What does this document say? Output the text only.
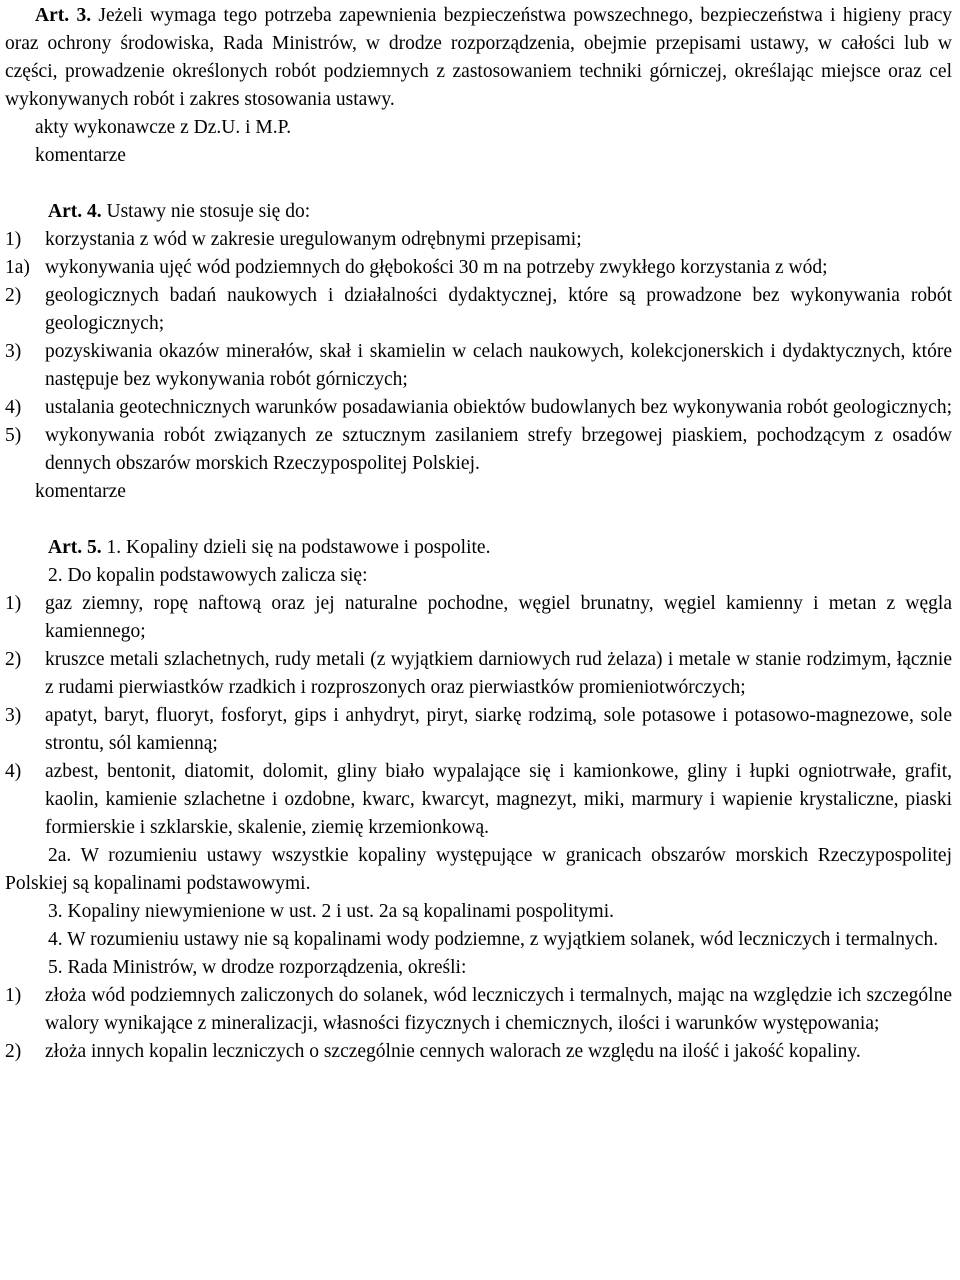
Art. 3. Jeżeli wymaga tego potrzeba zapewnienia bezpieczeństwa powszechnego, bezpieczeństwa i higieny pracy oraz ochrony środowiska, Rada Ministrów, w drodze rozporządzenia, obejmie przepisami ustawy, w całości lub w części, prowadzenie określonych robót podziemnych z zastosowaniem techniki górniczej, określając miejsce oraz cel wykonywanych robót i zakres stosowania ustawy.

akty wykonawcze z Dz.U. i M.P.
komentarze

Art. 4. Ustawy nie stosuje się do:

1)	korzystania z wód w zakresie uregulowanym odrębnymi przepisami;
1a) wykonywania ujęć wód podziemnych do głębokości 30 m na potrzeby zwykłego korzystania z wód;
2)	geologicznych badań naukowych i działalności dydaktycznej, które są prowadzone bez wykonywania robót geologicznych;
3)	pozyskiwania okazów minerałów, skał i skamielin w celach naukowych, kolekcjonerskich i dydaktycznych, które następuje bez wykonywania robót górniczych;
4)	ustalania geotechnicznych warunków posadawiania obiektów budowlanych bez wykonywania robót geologicznych;
5)	wykonywania robót związanych ze sztucznym zasilaniem strefy brzegowej piaskiem, pochodzącym z osadów dennych obszarów morskich Rzeczypospolitej Polskiej.
komentarze

Art. 5. 1. Kopaliny dzieli się na podstawowe i pospolite.

2. Do kopalin podstawowych zalicza się:

1)	gaz ziemny, ropę naftową oraz jej naturalne pochodne, węgiel brunatny, węgiel kamienny i metan z węgla kamiennego;
2)	kruszce metali szlachetnych, rudy metali (z wyjątkiem darniowych rud żelaza) i metale w stanie rodzimym, łącznie z rudami pierwiastków rzadkich i rozproszonych oraz pierwiastków promieniotwórczych;
3)	apatyt, baryt, fluoryt, fosforyt, gips i anhydryt, piryt, siarkę rodzimą, sole potasowe i potasowo-magnezowe, sole strontu, sól kamienną;
4)	azbest, bentonit, diatomit, dolomit, gliny biało wypalające się i kamionkowe, gliny i łupki ogniotrwałe, grafit, kaolin, kamienie szlachetne i ozdobne, kwarc, kwarcyt, magnezyt, miki, marmury i wapienie krystaliczne, piaski formierskie i szklarskie, skalenie, ziemię krzemionkową.

2a. W rozumieniu ustawy wszystkie kopaliny występujące w granicach obszarów morskich Rzeczypospolitej Polskiej są kopalinami podstawowymi.

3. Kopaliny niewymienione w ust. 2 i ust. 2a są kopalinami pospolitymi.

4. W rozumieniu ustawy nie są kopalinami wody podziemne, z wyjątkiem solanek, wód leczniczych i termalnych.

5. Rada Ministrów, w drodze rozporządzenia, określi:

1)	złoża wód podziemnych zaliczonych do solanek, wód leczniczych i termalnych, mając na względzie ich szczególne walory wynikające z mineralizacji, własności fizycznych i chemicznych, ilości i warunków występowania;
2)	złoża innych kopalin leczniczych o szczególnie cennych walorach ze względu na ilość i jakość kopaliny.
